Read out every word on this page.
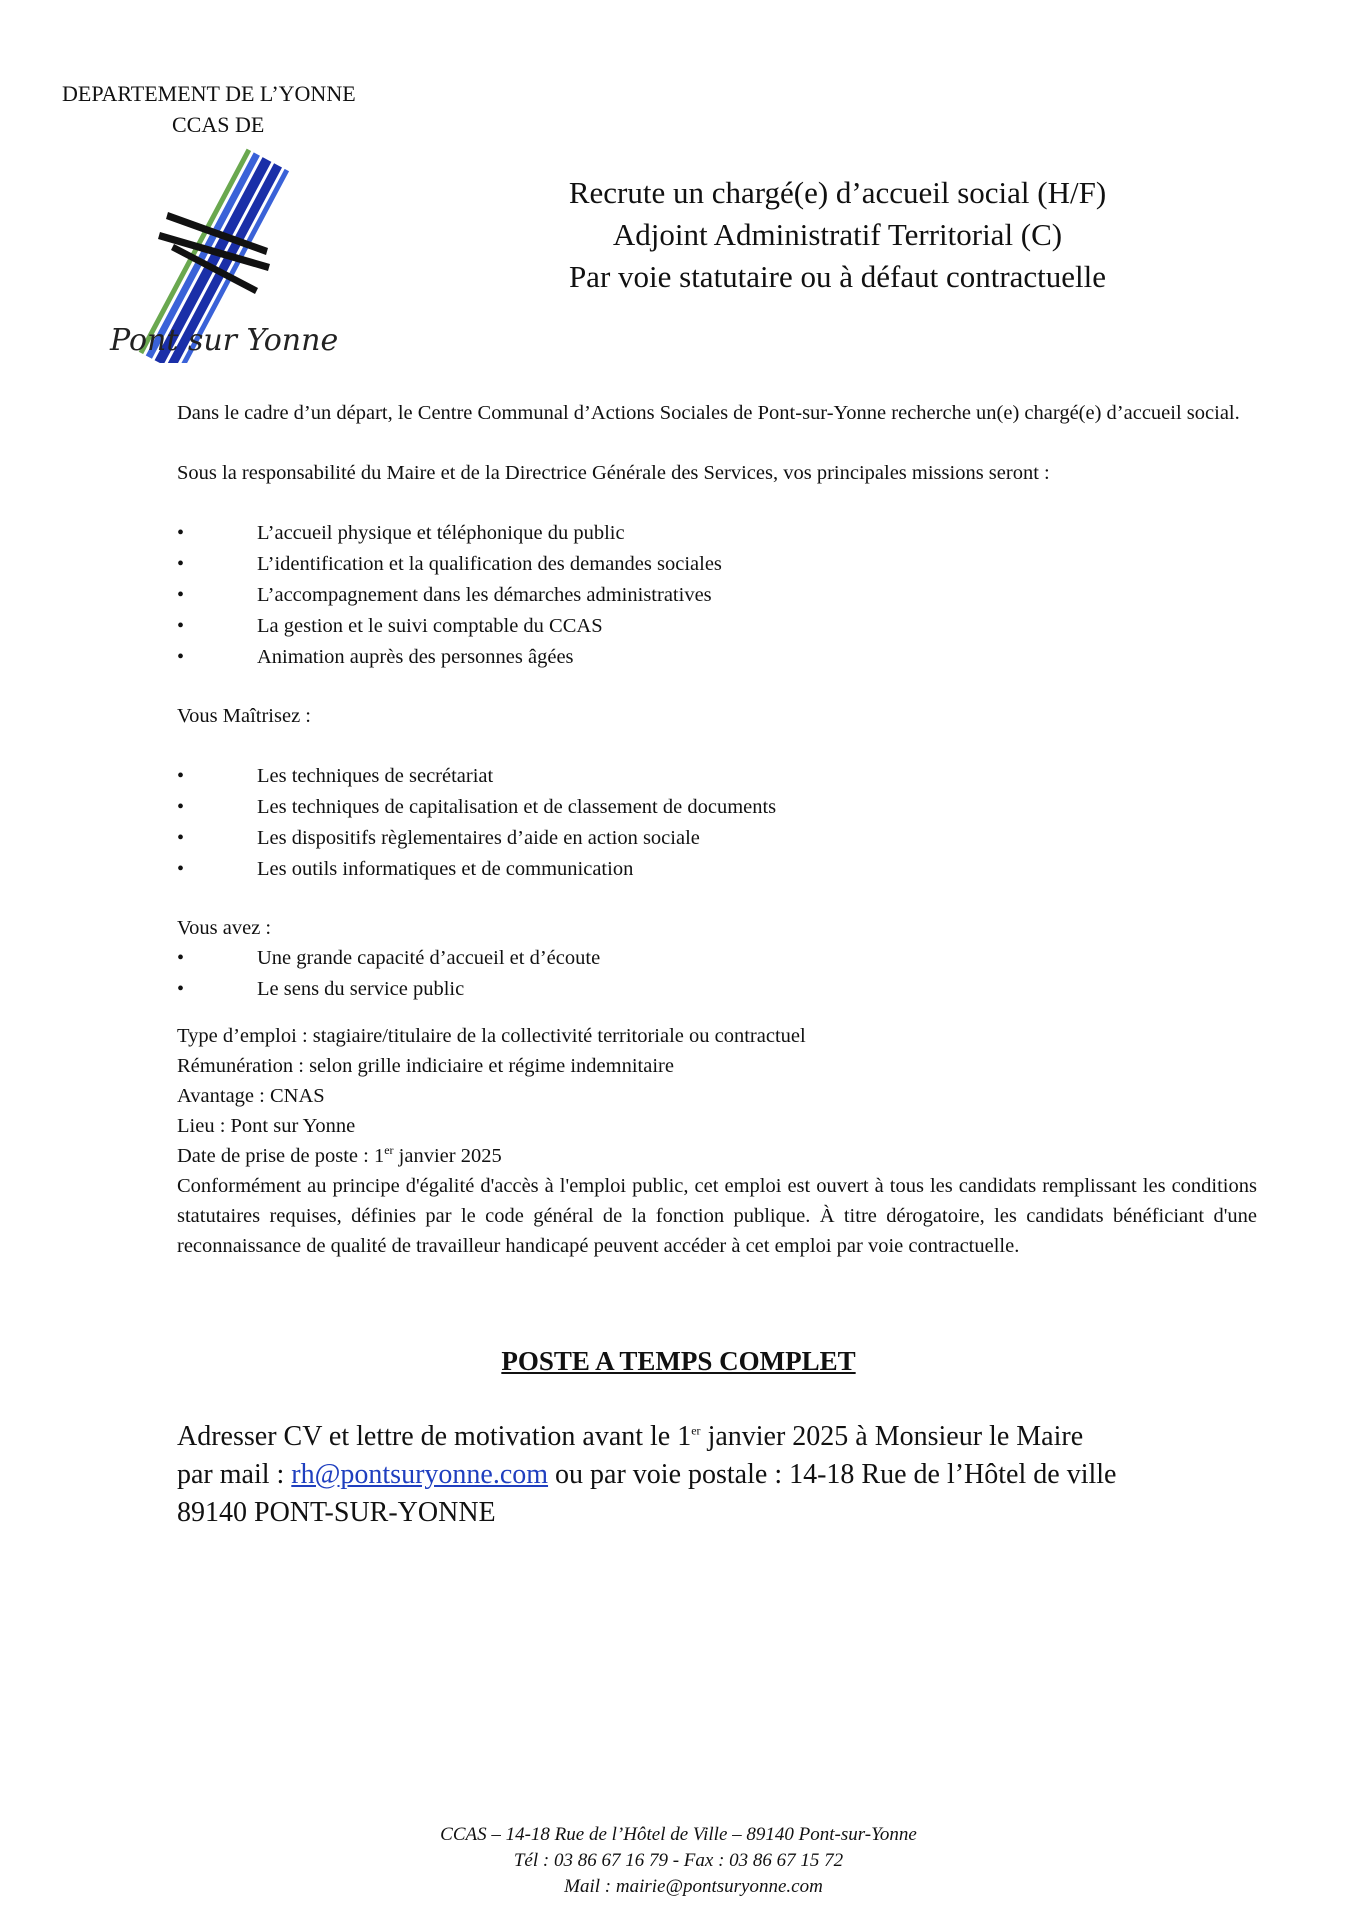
DEPARTEMENT DE L’YONNE
CCAS DE
Pont sur Yonne
Recrute un chargé(e) d’accueil social (H/F)
Adjoint Administratif Territorial (C)
Par voie statutaire ou à défaut contractuelle

Dans le cadre d’un départ, le Centre Communal d’Actions Sociales de Pont-sur-Yonne recherche un(e) chargé(e) d’accueil social.

Sous la responsabilité du Maire et de la Directrice Générale des Services, vos principales missions seront :

• L’accueil physique et téléphonique du public
• L’identification et la qualification des demandes sociales
• L’accompagnement dans les démarches administratives
• La gestion et le suivi comptable du CCAS
• Animation auprès des personnes âgées

Vous Maîtrisez :

• Les techniques de secrétariat
• Les techniques de capitalisation et de classement de documents
• Les dispositifs règlementaires d’aide en action sociale
• Les outils informatiques et de communication

Vous avez :

• Une grande capacité d’accueil et d’écoute
• Le sens du service public

Type d’emploi : stagiaire/titulaire de la collectivité territoriale ou contractuel

Rémunération : selon grille indiciaire et régime indemnitaire

Avantage : CNAS

Lieu : Pont sur Yonne

Date de prise de poste : 1er janvier 2025

Conformément au principe d'égalité d'accès à l'emploi public, cet emploi est ouvert à tous les candidats remplissant les conditions statutaires requises, définies par le code général de la fonction publique. À titre dérogatoire, les candidats bénéficiant d'une reconnaissance de qualité de travailleur handicapé peuvent accéder à cet emploi par voie contractuelle.

POSTE A TEMPS COMPLET
Adresser CV et lettre de motivation avant le 1er janvier 2025 à Monsieur le Maire
par mail : rh@pontsuryonne.com ou par voie postale : 14-18 Rue de l’Hôtel de ville
89140 PONT-SUR-YONNE
CCAS – 14-18 Rue de l’Hôtel de Ville – 89140 Pont-sur-Yonne
Tél : 03 86 67 16 79 - Fax : 03 86 67 15 72
Mail : mairie@pontsuryonne.com
